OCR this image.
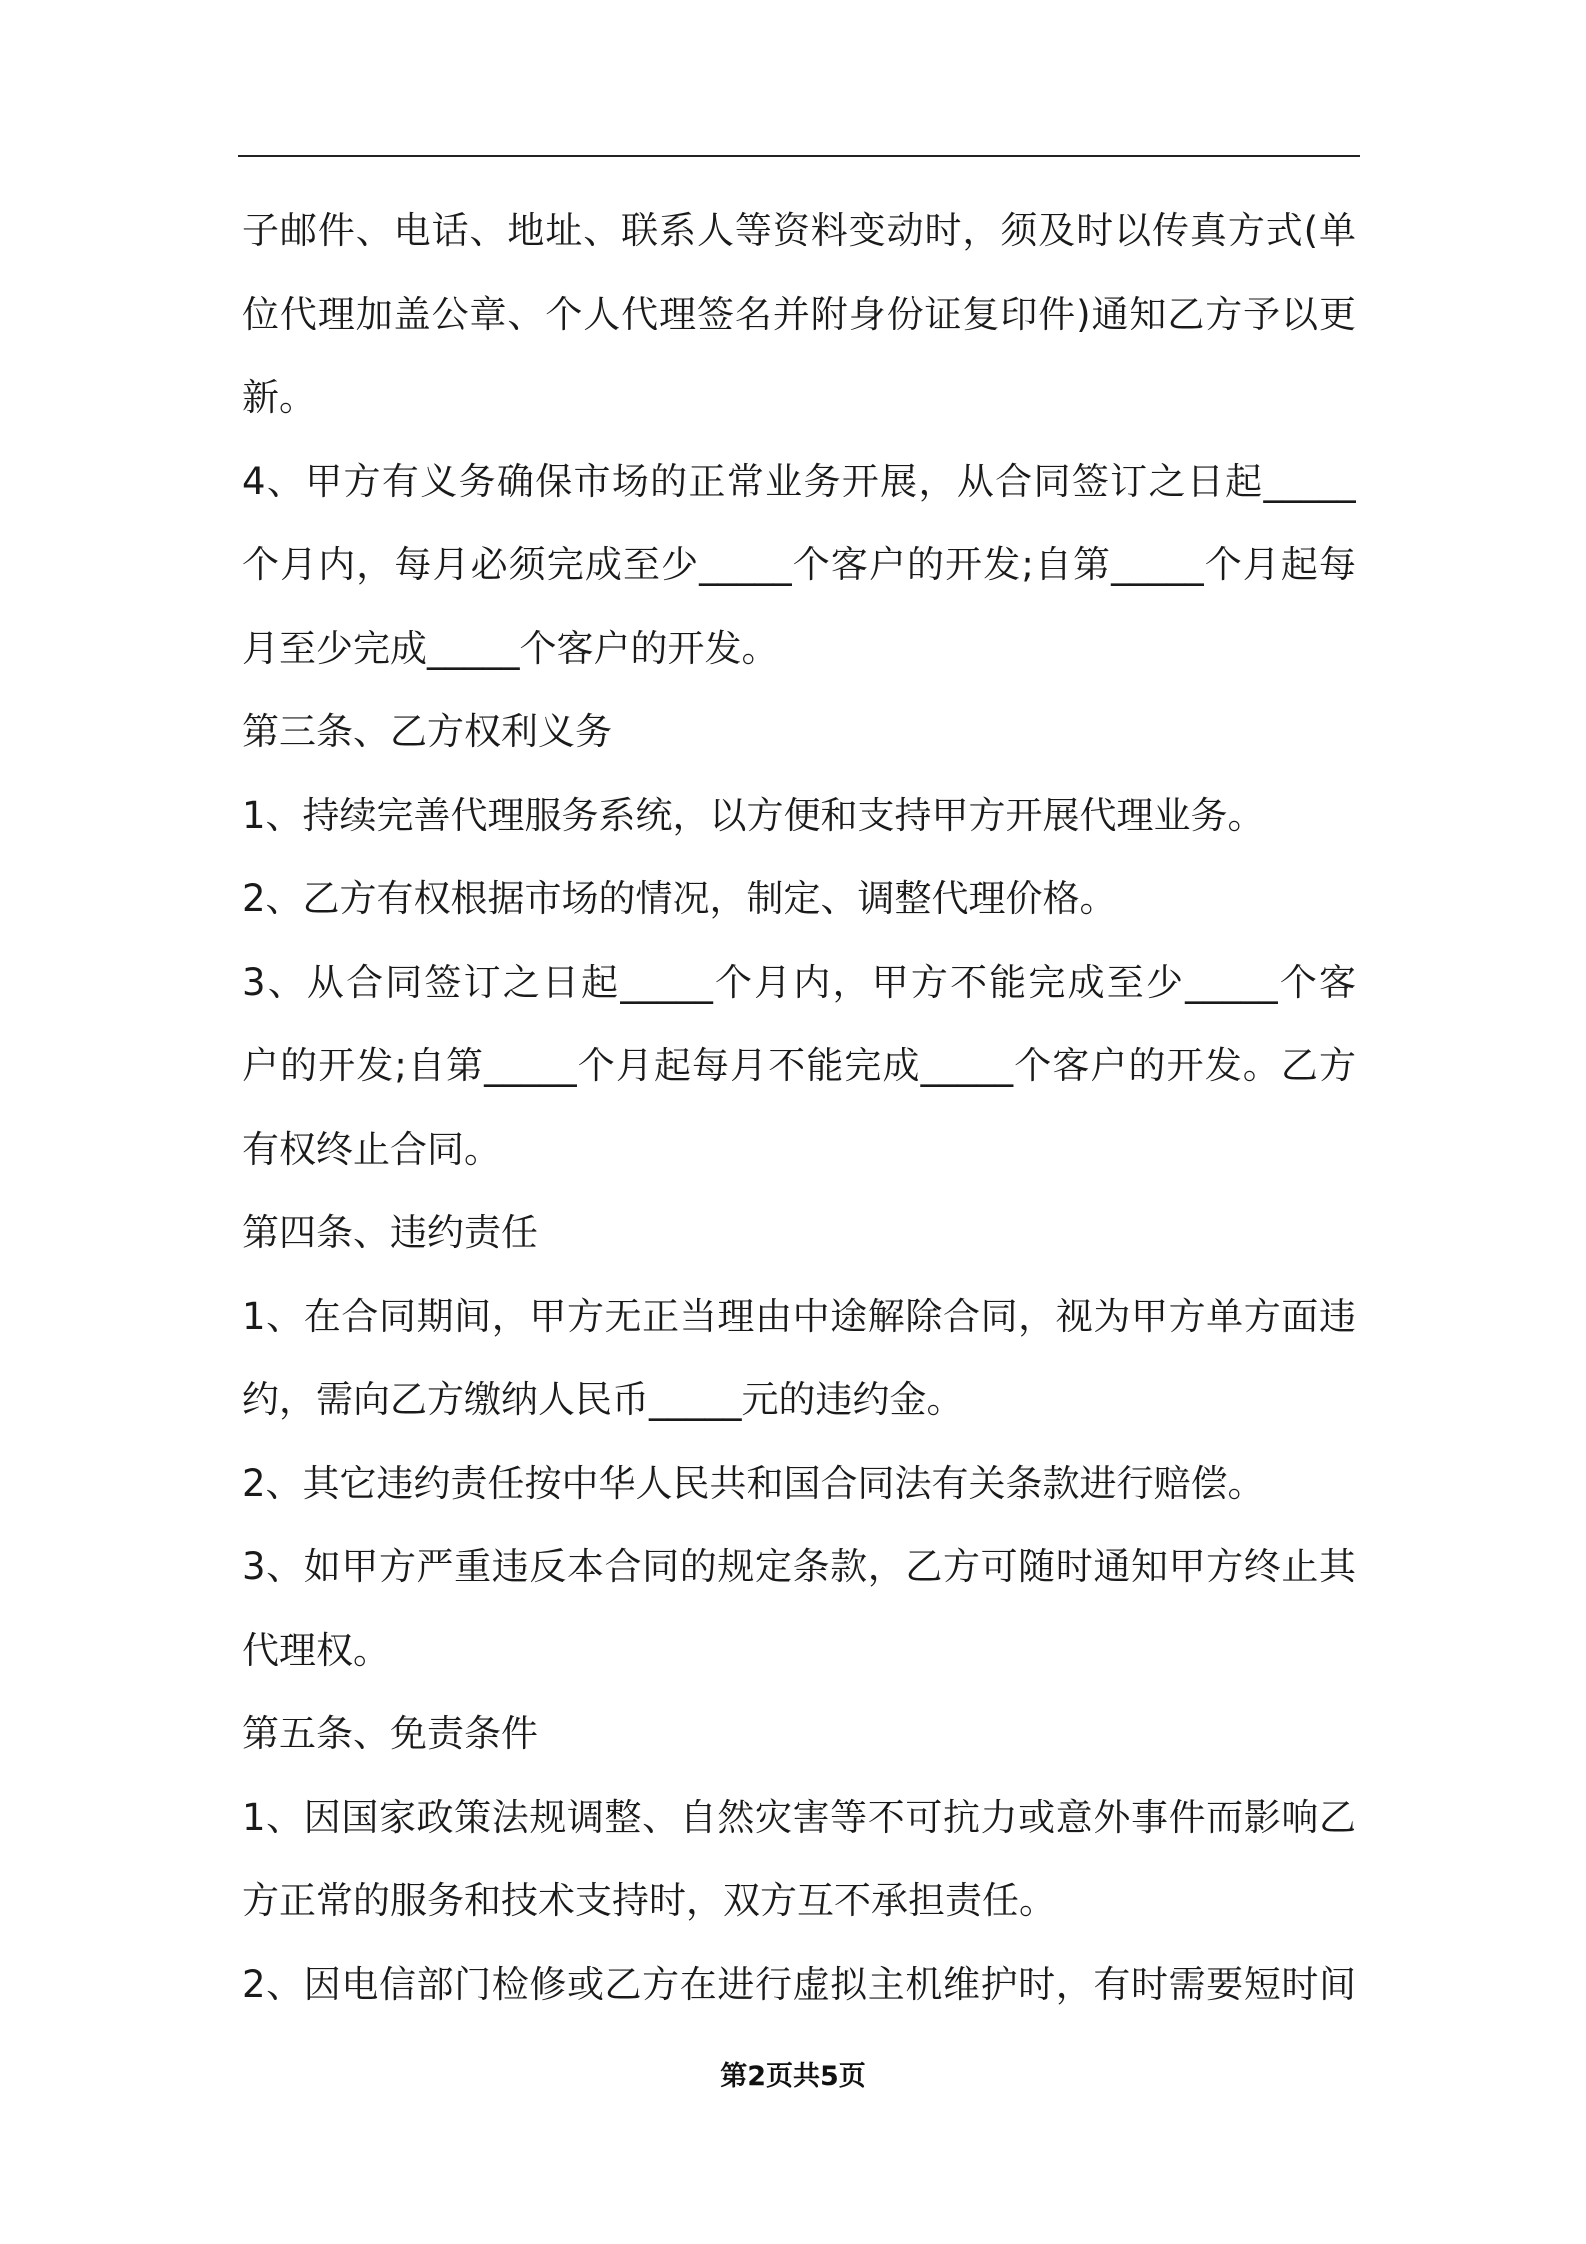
子邮件、电话、地址、联系人等资料变动时，须及时以传真方式(单
位代理加盖公章、个人代理签名并附身份证复印件)通知乙方予以更
新。
4、甲方有义务确保市场的正常业务开展，从合同签订之日起_____
个月内，每月必须完成至少_____个客户的开发;自第_____个月起每
月至少完成_____个客户的开发。
第三条、乙方权利义务
1、持续完善代理服务系统，以方便和支持甲方开展代理业务。
2、乙方有权根据市场的情况，制定、调整代理价格。
3、从合同签订之日起_____个月内，甲方不能完成至少_____个客
户的开发;自第_____个月起每月不能完成_____个客户的开发。乙方
有权终止合同。
第四条、违约责任
1、在合同期间，甲方无正当理由中途解除合同，视为甲方单方面违
约，需向乙方缴纳人民币_____元的违约金。
2、其它违约责任按中华人民共和国合同法有关条款进行赔偿。
3、如甲方严重违反本合同的规定条款，乙方可随时通知甲方终止其
代理权。
第五条、免责条件
1、因国家政策法规调整、自然灾害等不可抗力或意外事件而影响乙
方正常的服务和技术支持时，双方互不承担责任。
2、因电信部门检修或乙方在进行虚拟主机维护时，有时需要短时间
第2页共5页
